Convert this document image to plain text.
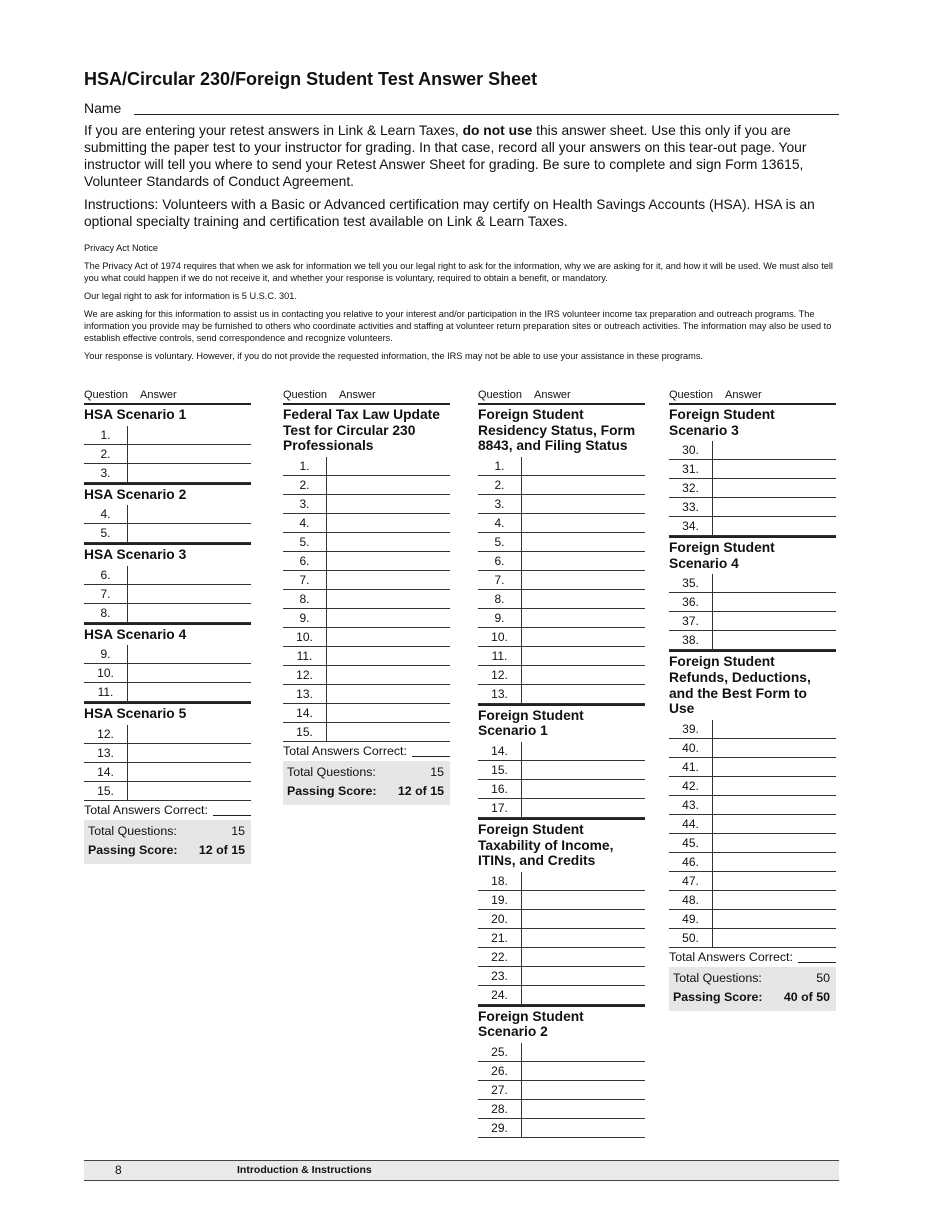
HSA/Circular 230/Foreign Student Test Answer Sheet
Name

If you are entering your retest answers in Link & Learn Taxes, do not use this answer sheet. Use this only if you are submitting the paper test to your instructor for grading. In that case, record all your answers on this tear-out page. Your instructor will tell you where to send your Retest Answer Sheet for grading. Be sure to complete and sign Form 13615, Volunteer Standards of Conduct Agreement.

Instructions: Volunteers with a Basic or Advanced certification may certify on Health Savings Accounts (HSA). HSA is an optional specialty training and certification test available on Link & Learn Taxes.

Privacy Act Notice

The Privacy Act of 1974 requires that when we ask for information we tell you our legal right to ask for the information, why we are asking for it, and how it will be used. We must also tell you what could happen if we do not receive it, and whether your response is voluntary, required to obtain a benefit, or mandatory.

Our legal right to ask for information is 5 U.S.C. 301.

We are asking for this information to assist us in contacting you relative to your interest and/or participation in the IRS volunteer income tax preparation and outreach programs. The information you provide may be furnished to others who coordinate activities and staffing at volunteer return preparation sites or outreach activities. The information may also be used to establish effective controls, send correspondence and recognize volunteers.

Your response is voluntary. However, if you do not provide the requested information, the IRS may not be able to use your assistance in these programs.

Question Answer
HSA Scenario 1
1.
2.
3.
HSA Scenario 2
4.
5.
HSA Scenario 3
6.
7.
8.
HSA Scenario 4
9.
10.
11.
HSA Scenario 5
12.
13.
14.
15.
Total Answers Correct:
Total Questions:	15
Passing Score: 12 of 15
Question Answer
Federal Tax Law Update Test for Circular 230 Professionals
1.
2.
3.
4.
5.
6.
7.
8.
9.
10.
11.
12.
13.
14.
15.
Total Answers Correct:
Total Questions:	15
Passing Score: 12 of 15
Question Answer
Foreign Student Residency Status, Form 8843, and Filing Status
1.
2.
3.
4.
5.
6.
7.
8.
9.
10.
11.
12.
13.
Foreign Student Scenario 1
14.
15.
16.
17.
Foreign Student Taxability of Income, ITINs, and Credits
18.
19.
20.
21.
22.
23.
24.
Foreign Student Scenario 2
25.
26.
27.
28.
29.
Question Answer
Foreign Student Scenario 3
30.
31.
32.
33.
34.
Foreign Student Scenario 4
35.
36.
37.
38.
Foreign Student Refunds, Deductions, and the Best Form to Use
39.
40.
41.
42.
43.
44.
45.
46.
47.
48.
49.
50.
Total Answers Correct:
Total Questions:	50
Passing Score: 40 of 50
8	Introduction & Instructions
